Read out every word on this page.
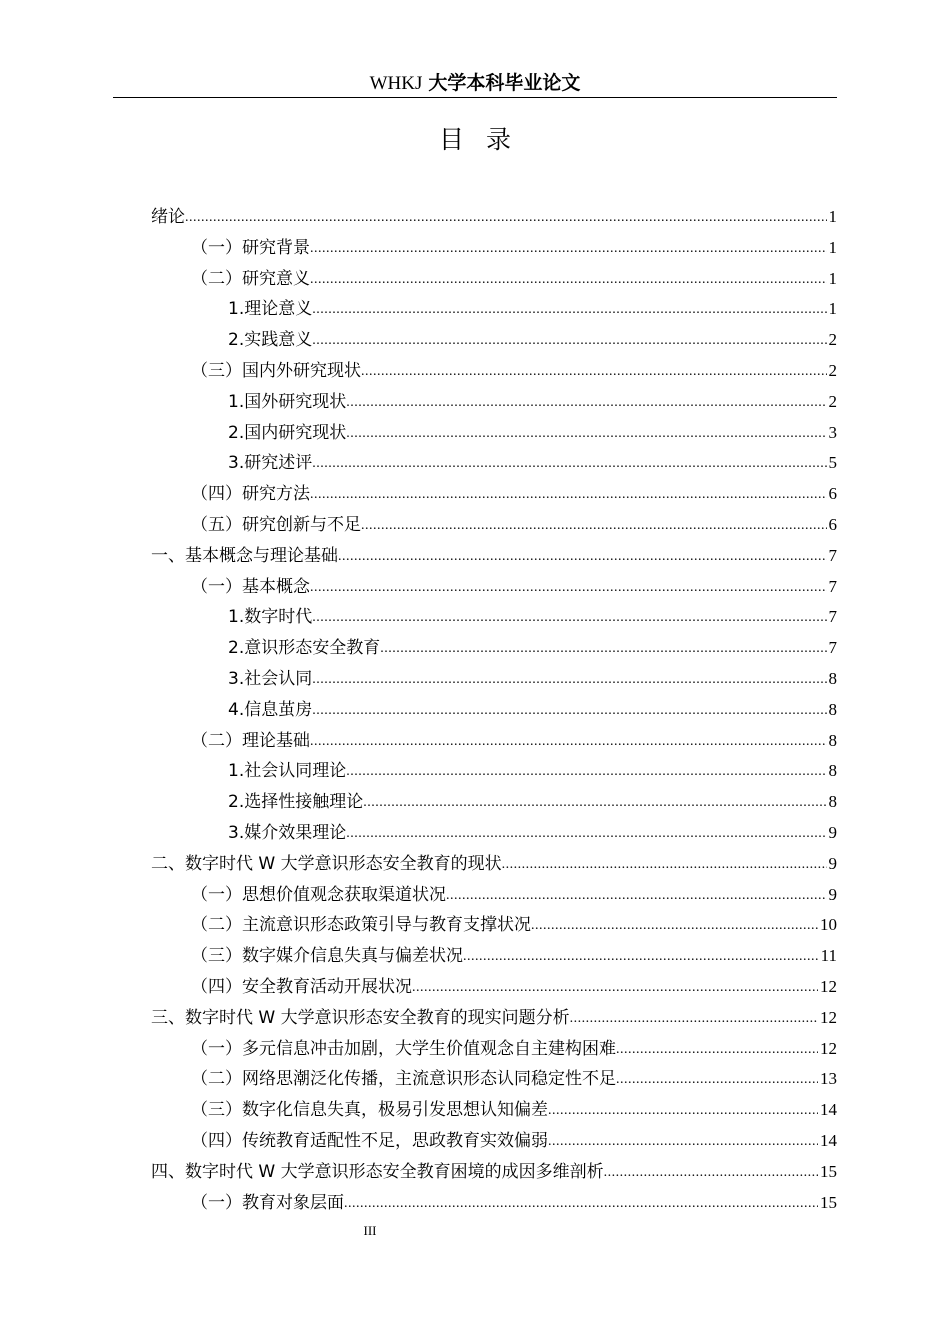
WHKJ 大学本科毕业论文
目录
绪论 .....	1
（一）研究背景 .....	1
（二）研究意义 .....	1
1.理论意义 .....	1
2.实践意义 .....	2
（三）国内外研究现状 .....	2
1.国外研究现状 .....	2
2.国内研究现状 .....	3
3.研究述评 .....	5
（四）研究方法 .....	6
（五）研究创新与不足 .....	6
一、基本概念与理论基础 .....	7
（一）基本概念 .....	7
1.数字时代 .....	7
2.意识形态安全教育 .....	7
3.社会认同 .....	8
4.信息茧房 .....	8
（二）理论基础 .....	8
1.社会认同理论 .....	8
2.选择性接触理论 .....	8
3.媒介效果理论 .....	9
二、数字时代 W 大学意识形态安全教育的现状 .....	9
（一）思想价值观念获取渠道状况 .....	9
（二）主流意识形态政策引导与教育支撑状况 .....	10
（三）数字媒介信息失真与偏差状况 .....	11
（四）安全教育活动开展状况 .....	12
三、数字时代 W 大学意识形态安全教育的现实问题分析 .....	12
（一）多元信息冲击加剧，大学生价值观念自主建构困难 .....	12
（二）网络思潮泛化传播，主流意识形态认同稳定性不足 .....	13
（三）数字化信息失真，极易引发思想认知偏差 .....	14
（四）传统教育适配性不足，思政教育实效偏弱 .....	14
四、数字时代 W 大学意识形态安全教育困境的成因多维剖析 .....	15
（一）教育对象层面 .....	15
III
